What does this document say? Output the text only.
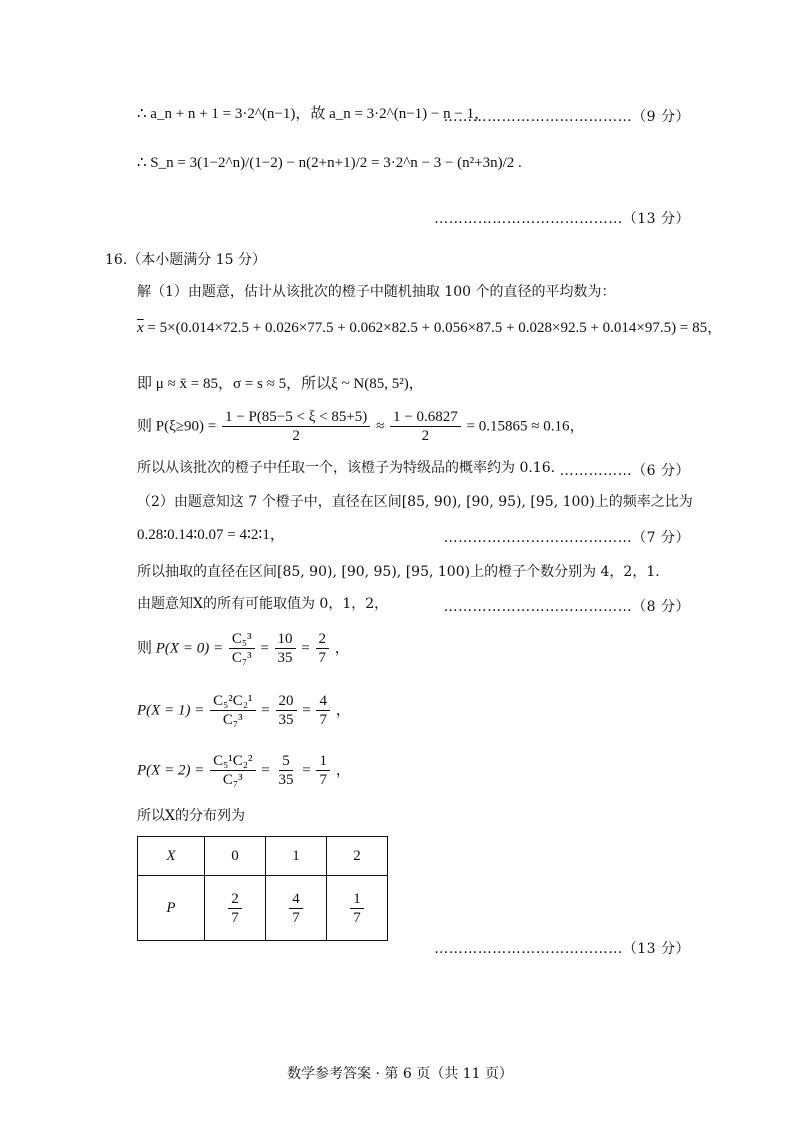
∴ a_n + n + 1 = 3·2^(n−1)，故 a_n = 3·2^(n−1) − n − 1，
…………………………………（9 分）
∴ S_n = 3(1−2^n)/(1−2) − n(2+n+1)/2 = 3·2^n − 3 − (n²+3n)/2 .
…………………………………（13 分）
16.（本小题满分 15 分）
解（1）由题意，估计从该批次的橙子中随机抽取 100 个的直径的平均数为：
$\overline{x} = 5\times(0.014\times 72.5 + 0.026\times 77.5 + 0.062\times 82.5 + 0.056\times 87.5 + 0.028\times 92.5 + 0.014\times 97.5) = 85$，
即 μ ≈ x̄ = 85，σ = s ≈ 5，所以ξ ~ N(85, 5²)，
则 $P(\xi\ge 90) = \frac{1 - P(85-5 < \xi < 85+5)}{2} \approx \frac{1 - 0.6827}{2} = 0.15865 \approx 0.16$，
所以从该批次的橙子中任取一个，该橙子为特级品的概率约为 0.16. ……………（6 分）
（2）由题意知这 7 个橙子中，直径在区间[85, 90), [90, 95), [95, 100)上的频率之比为
0.28∶0.14∶0.07 = 4∶2∶1，	…………………………………（7 分）
所以抽取的直径在区间[85, 90), [90, 95), [95, 100)上的橙子个数分别为 4，2，1.
由题意知X的所有可能取值为 0，1，2，	…………………………………（8 分）
则 $P(X = 0) = \frac{\text{C₅³}}{\text{C₇³}} = \frac{10}{35} = \frac{2}{7}$ ，
$P(X = 1) = \frac{\text{C₅²C₂¹}}{\text{C₇³}} = \frac{20}{35} = \frac{4}{7}$ ，
$P(X = 2) = \frac{\text{C₅¹C₂²}}{\text{C₇³}} = \frac{5}{35} = \frac{1}{7}$ ，
所以X的分布列为
X	0	1	2
P	$\frac{2}{7}$	$\frac{4}{7}$	$\frac{1}{7}$
…………………………………（13 分）
数学参考答案 · 第 6 页（共 11 页）
